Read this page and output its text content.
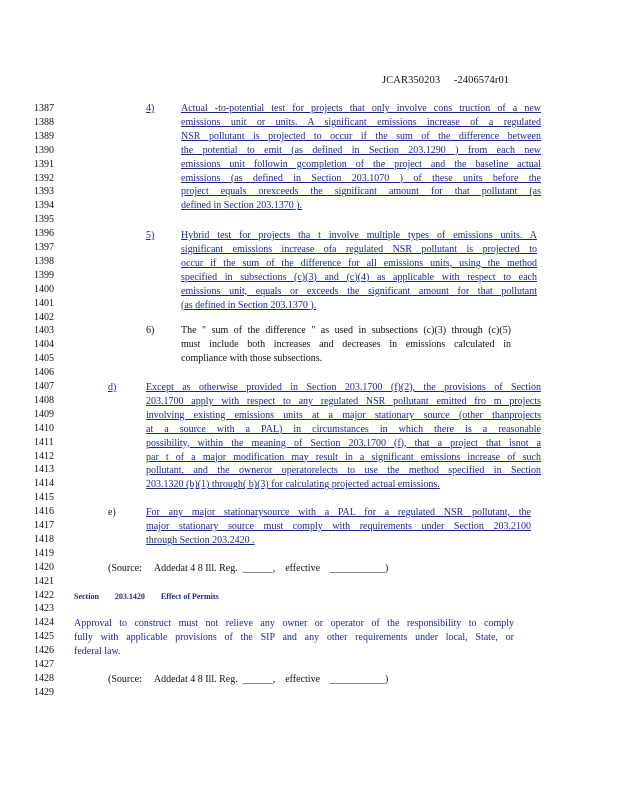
JCAR350203 -2406574r01
1387
1388
1389
1390
1391
1392
1393
1394
1395
1396
1397
1398
1399
1400
1401
1402
1403
1404
1405
1406
1407
1408
1409
1410
1411
1412
1413
1414
1415
1416
1417
1418
1419
1420
1421
1422
1423
1424
1425
1426
1427
1428
1429
4)	Actual -to-potential test for projects that only involve cons truction of a new
emissions unit or units. A significant emissions increase of a regulated
NSR pollutant is projected to occur if the sum of the difference between
the potential to emit (as defined in Section 203.1290 ) from each new
emissions unit followin gcompletion of the project and the baseline actual
emissions (as defined in Section 203.1070 ) of these units before the
project equals orexceeds the significant amount for that pollutant (as
defined in Section 203.1370 ).
5)	Hybrid test for projects tha t involve multiple types of emissions units. A
significant emissions increase ofa regulated NSR pollutant is projected to
occur if the sum of the difference for all emissions units, using the method
specified in subsections (c)(3) and (c)(4) as applicable with respect to each
emissions unit, equals or exceeds the significant amount for that pollutant
(as defined in Section 203.1370 ).
6)	The " sum of the difference " as used in subsections (c)(3) through (c)(5)
must include both increases and decreases in emissions calculated in
compliance with those subsections.
d)	Except as otherwise provided in Section 203.1700 (f)(2), the provisions of Section
203.1700 apply with respect to any regulated NSR pollutant emitted fro m projects
involving existing emissions units at a major stationary source (other thanprojects
at a source with a PAL) in circumstances in which there is a reasonable
possibility, within the meaning of Section 203.1700 (f), that a project that isnot a
par t of a major modification may result in a significant emissions increase of such
pollutant, and the owneror operatorelects to use the method specified in Section
203.1320 (b)(1) through( b)(3) for calculating projected actual emissions.
e)	For any major stationarysource with a PAL for a regulated NSR pollutant, the
major stationary source must comply with requirements under Section 203.2100
through Section 203.2420 .
(Source: Addedat 4 8 Ill. Reg. ______, effective ___________)
Section 203.1420 Effect of Permits
Approval to construct must not relieve any owner or operator of the responsibility to comply
fully with applicable provisions of the SIP and any other requirements under local, State, or
federal law.
(Source: Addedat 4 8 Ill. Reg. ______, effective ___________)
